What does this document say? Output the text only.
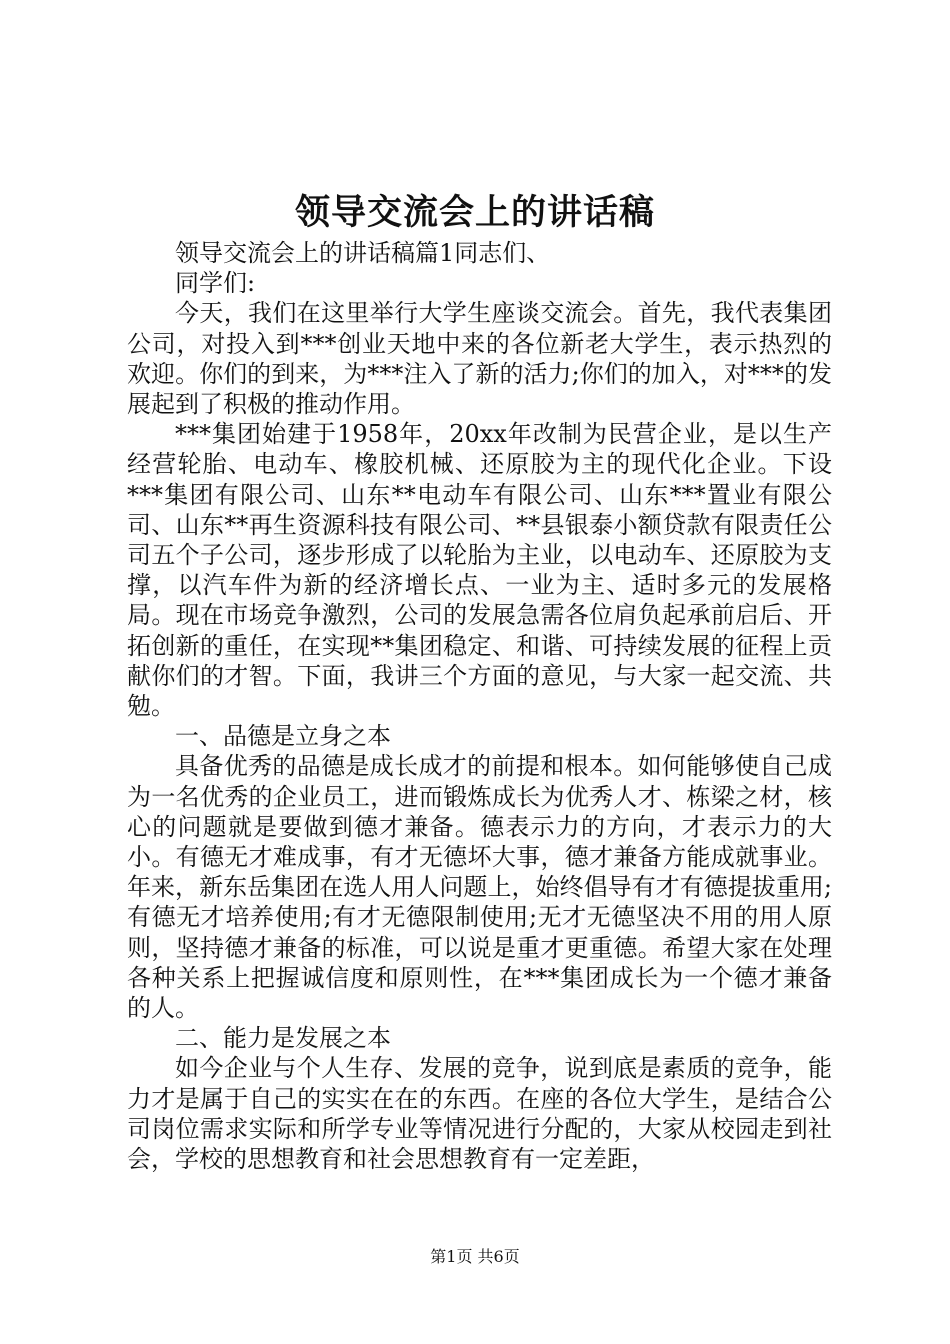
领导交流会上的讲话稿

领导交流会上的讲话稿篇1同志们、

同学们:

今天，我们在这里举行大学生座谈交流会。首先，我代表集团公司，对投入到***创业天地中来的各位新老大学生，表示热烈的欢迎。你们的到来，为***注入了新的活力;你们的加入，对***的发展起到了积极的推动作用。

***集团始建于1958年，20xx年改制为民营企业，是以生产经营轮胎、电动车、橡胶机械、还原胶为主的现代化企业。下设***集团有限公司、山东**电动车有限公司、山东***置业有限公司、山东**再生资源科技有限公司、**县银泰小额贷款有限责任公司五个子公司，逐步形成了以轮胎为主业，以电动车、还原胶为支撑，以汽车件为新的经济增长点、一业为主、适时多元的发展格局。现在市场竞争激烈，公司的发展急需各位肩负起承前启后、开拓创新的重任，在实现**集团稳定、和谐、可持续发展的征程上贡献你们的才智。下面，我讲三个方面的意见，与大家一起交流、共勉。

一、品德是立身之本

具备优秀的品德是成长成才的前提和根本。如何能够使自己成为一名优秀的企业员工，进而锻炼成长为优秀人才、栋梁之材，核心的问题就是要做到德才兼备。德表示力的方向，才表示力的大小。有德无才难成事，有才无德坏大事，德才兼备方能成就事业。年来，新东岳集团在选人用人问题上，始终倡导有才有德提拔重用;有德无才培养使用;有才无德限制使用;无才无德坚决不用的用人原则，坚持德才兼备的标准，可以说是重才更重德。希望大家在处理各种关系上把握诚信度和原则性，在***集团成长为一个德才兼备的人。

二、能力是发展之本

如今企业与个人生存、发展的竞争，说到底是素质的竞争，能力才是属于自己的实实在在的东西。在座的各位大学生，是结合公司岗位需求实际和所学专业等情况进行分配的，大家从校园走到社会，学校的思想教育和社会思想教育有一定差距，

第1页 共6页
